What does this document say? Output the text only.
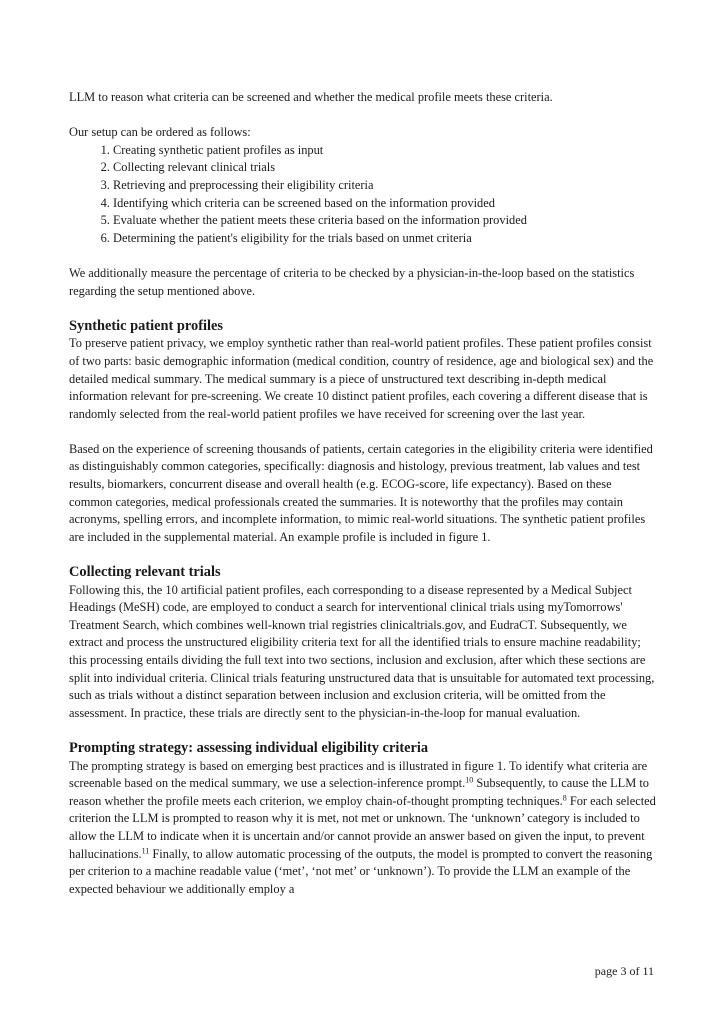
LLM to reason what criteria can be screened and whether the medical profile meets these criteria.

Our setup can be ordered as follows:

1. Creating synthetic patient profiles as input
2. Collecting relevant clinical trials
3. Retrieving and preprocessing their eligibility criteria
4. Identifying which criteria can be screened based on the information provided
5. Evaluate whether the patient meets these criteria based on the information provided
6. Determining the patient's eligibility for the trials based on unmet criteria

We additionally measure the percentage of criteria to be checked by a physician-in-the-loop based on the statistics regarding the setup mentioned above.

Synthetic patient profiles

To preserve patient privacy, we employ synthetic rather than real-world patient profiles. These patient profiles consist of two parts: basic demographic information (medical condition, country of residence, age and biological sex) and the detailed medical summary. The medical summary is a piece of unstructured text describing in-depth medical information relevant for pre-screening. We create 10 distinct patient profiles, each covering a different disease that is randomly selected from the real-world patient profiles we have received for screening over the last year.

Based on the experience of screening thousands of patients, certain categories in the eligibility criteria were identified as distinguishably common categories, specifically: diagnosis and histology, previous treatment, lab values and test results, biomarkers, concurrent disease and overall health (e.g. ECOG-score, life expectancy). Based on these common categories, medical professionals created the summaries. It is noteworthy that the profiles may contain acronyms, spelling errors, and incomplete information, to mimic real-world situations. The synthetic patient profiles are included in the supplemental material. An example profile is included in figure 1.

Collecting relevant trials

Following this, the 10 artificial patient profiles, each corresponding to a disease represented by a Medical Subject Headings (MeSH) code, are employed to conduct a search for interventional clinical trials using myTomorrows' Treatment Search, which combines well-known trial registries clinicaltrials.gov, and EudraCT. Subsequently, we extract and process the unstructured eligibility criteria text for all the identified trials to ensure machine readability; this processing entails dividing the full text into two sections, inclusion and exclusion, after which these sections are split into individual criteria. Clinical trials featuring unstructured data that is unsuitable for automated text processing, such as trials without a distinct separation between inclusion and exclusion criteria, will be omitted from the assessment. In practice, these trials are directly sent to the physician-in-the-loop for manual evaluation.

Prompting strategy: assessing individual eligibility criteria

The prompting strategy is based on emerging best practices and is illustrated in figure 1. To identify what criteria are screenable based on the medical summary, we use a selection-inference prompt.$^{10}$ Subsequently, to cause the LLM to reason whether the profile meets each criterion, we employ chain-of-thought prompting techniques.$^8$ For each selected criterion the LLM is prompted to reason why it is met, not met or unknown. The ‘unknown’ category is included to allow the LLM to indicate when it is uncertain and/or cannot provide an answer based on given the input, to prevent hallucinations.$^{11}$ Finally, to allow automatic processing of the outputs, the model is prompted to convert the reasoning per criterion to a machine readable value (‘met’, ‘not met’ or ‘unknown’). To provide the LLM an example of the expected behaviour we additionally employ a

page 3 of 11
